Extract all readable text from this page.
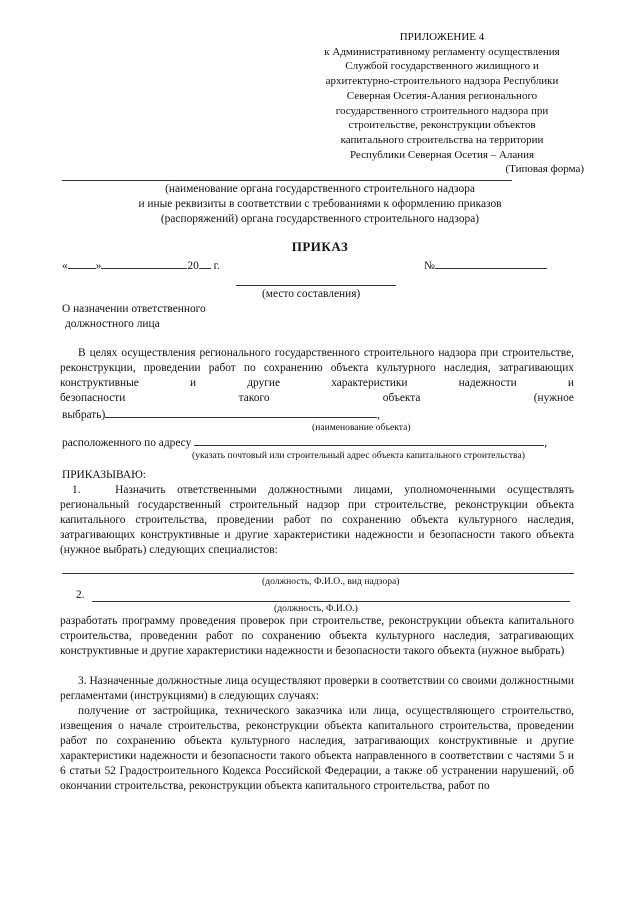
ПРИЛОЖЕНИЕ 4
к Административному регламенту осуществления
Службой государственного жилищного и
архитектурно-строительного надзора Республики
Северная Осетия-Алания регионального
государственного строительного надзора при
строительстве, реконструкции объектов
капитального строительства на территории
Республики Северная Осетия – Алания
(Типовая форма)
(наименование органа государственного строительного надзора
и иные реквизиты в соответствии с требованиями к оформлению приказов
(распоряжений) органа государственного строительного надзора)
ПРИКАЗ
« »	20 г.	№
(место составления)
О назначении ответственного
должностного лица
В целях осуществления регионального государственного строительного надзора при строительстве, реконструкции, проведении работ по сохранению объекта культурного наследия, затрагивающих конструктивные и другие характеристики надежности и
безопасности	такого	объекта	(нужное
выбрать)	,
(наименование объекта)
расположенного по адресу	,
(указать почтовый или строительный адрес объекта капитального строительства)
ПРИКАЗЫВАЮ:
1.	Назначить ответственными должностными лицами, уполномоченными осуществлять региональный государственный строительный надзор при строительстве, реконструкции объекта капитального строительства, проведении работ по сохранению объекта культурного наследия, затрагивающих конструктивные и другие характеристики надежности и безопасности такого объекта (нужное выбрать) следующих специалистов:
(должность, Ф.И.О., вид надзора)
2.
(должность, Ф.И.О.)
разработать программу проведения проверок при строительстве, реконструкции объекта капитального строительства, проведении работ по сохранению объекта культурного наследия, затрагивающих конструктивные и другие характеристики надежности и безопасности такого объекта (нужное выбрать)
3. Назначенные должностные лица осуществляют проверки в соответствии со своими должностными регламентами (инструкциями) в следующих случаях:
получение от застройщика, технического заказчика или лица, осуществляющего строительство, извещения о начале строительства, реконструкции объекта капитального строительства, проведении работ по сохранению объекта культурного наследия, затрагивающих конструктивные и другие характеристики надежности и безопасности такого объекта направленного в соответствии с частями 5 и 6 статьи 52 Градостроительного Кодекса Российской Федерации, а также об устранении нарушений, об окончании строительства, реконструкции объекта капитального строительства, работ по
